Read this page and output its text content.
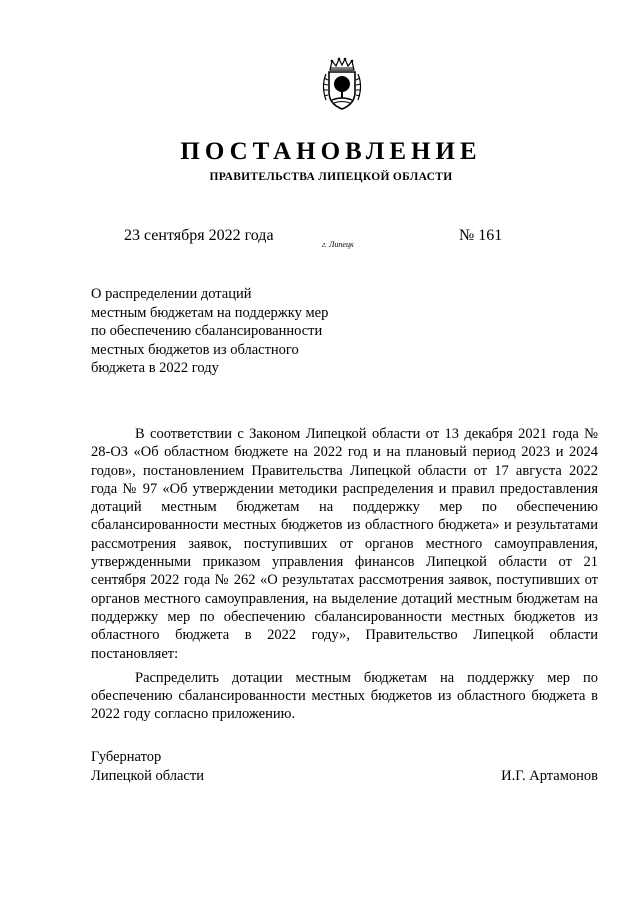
ПОСТАНОВЛЕНИЕ
ПРАВИТЕЛЬСТВА ЛИПЕЦКОЙ ОБЛАСТИ
23 сентября 2022 года
г. Липецк
№ 161
О распределении дотаций
местным бюджетам на поддержку мер
по обеспечению сбалансированности
местных бюджетов из областного
бюджета в 2022 году

В соответствии с Законом Липецкой области от 13 декабря 2021 года № 28-ОЗ «Об областном бюджете на 2022 год и на плановый период 2023 и 2024 годов», постановлением Правительства Липецкой области от 17 августа 2022 года № 97 «Об утверждении методики распределения и правил предоставления дотаций местным бюджетам на поддержку мер по обеспечению сбалансированности местных бюджетов из областного бюджета» и результатами рассмотрения заявок, поступивших от органов местного самоуправления, утвержденными приказом управления финансов Липецкой области от 21 сентября 2022 года № 262 «О результатах рассмотрения заявок, поступивших от органов местного самоуправления, на выделение дотаций местным бюджетам на поддержку мер по обеспечению сбалансированности местных бюджетов из областного бюджета в 2022 году», Правительство Липецкой области постановляет:

Распределить дотации местным бюджетам на поддержку мер по обеспечению сбалансированности местных бюджетов из областного бюджета в 2022 году согласно приложению.

Губернатор
Липецкой области	И.Г. Артамонов
